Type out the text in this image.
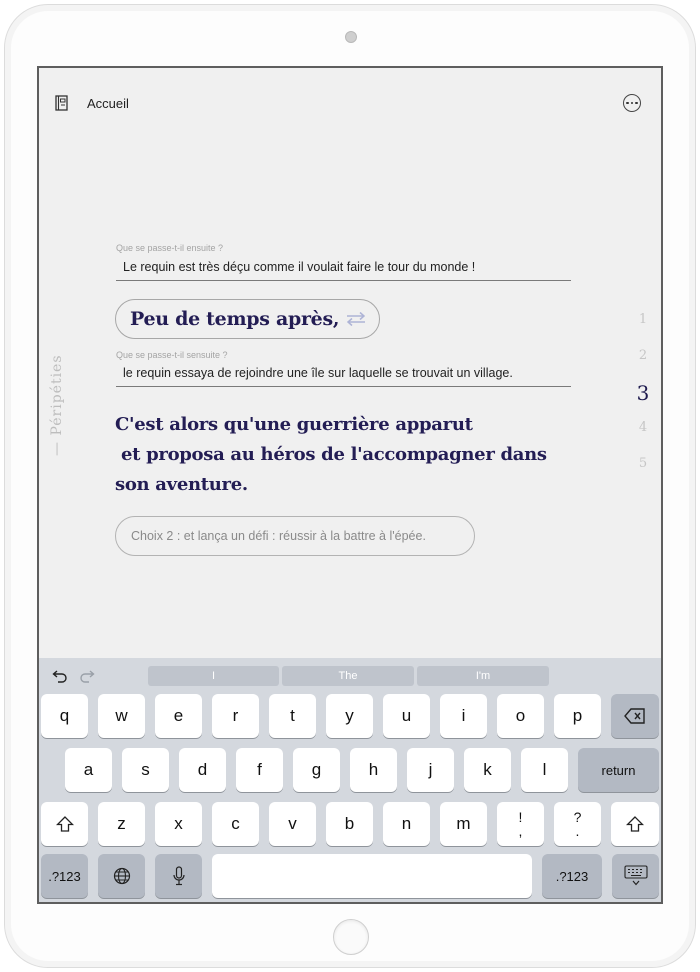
Accueil
— Péripéties
1
2
3
4
5
Que se passe-t-il ensuite ?
Le requin est très déçu comme il voulait faire le tour du monde !
Peu de temps après,
Que se passe-t-il sensuite ?
le requin essaya de rejoindre une île sur laquelle se trouvait un village.
C'est alors qu'une guerrière apparut
et proposa au héros de l'accompagner dans
son aventure.
Choix 2 : et lança un défi : réussir à la battre à l'épée.
I	The	I'm
q	w	e	r	t	y	u	i	o	p
a	s	d	f	g	h	j	k	l	return
z	x	c	v	b	n	m	!
,
?
.
.?123	.?123
